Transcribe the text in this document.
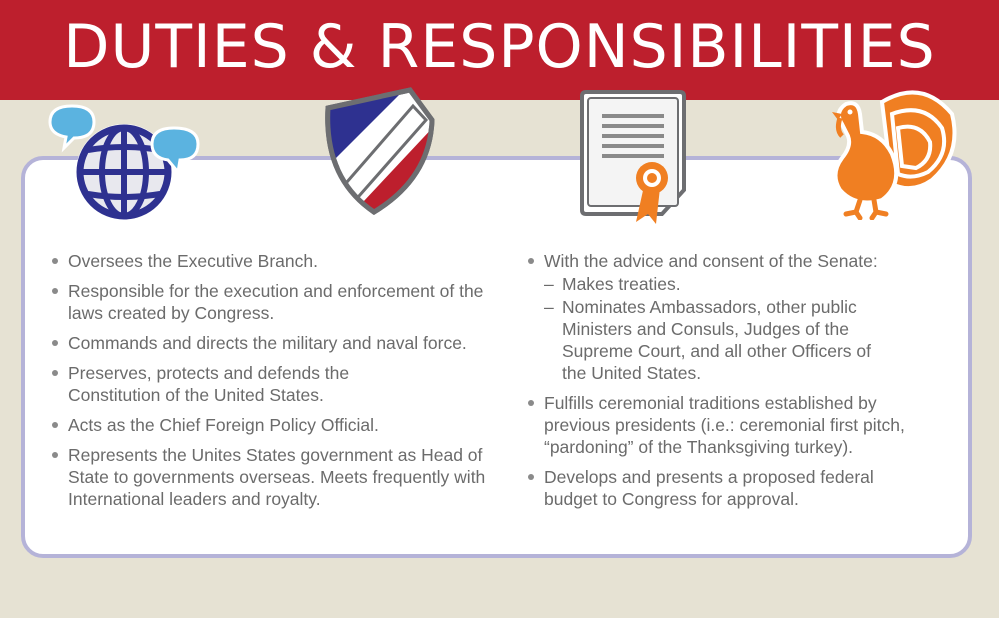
DUTIES & RESPONSIBILITIES
Oversees the Executive Branch.
Responsible for the execution and enforcement of the laws created by Congress.
Commands and directs the military and naval force.
Preserves, protects and defends the Constitution of the United States.
Acts as the Chief Foreign Policy Official.
Represents the Unites States government as Head of State to governments overseas. Meets frequently with International leaders and royalty.
With the advice and consent of the Senate:
– Makes treaties.
– Nominates Ambassadors, other public Ministers and Consuls, Judges of the Supreme Court, and all other Officers of the United States.
Fulfills ceremonial traditions established by previous presidents (i.e.: ceremonial first pitch, “pardoning” of the Thanksgiving turkey).
Develops and presents a proposed federal budget to Congress for approval.
